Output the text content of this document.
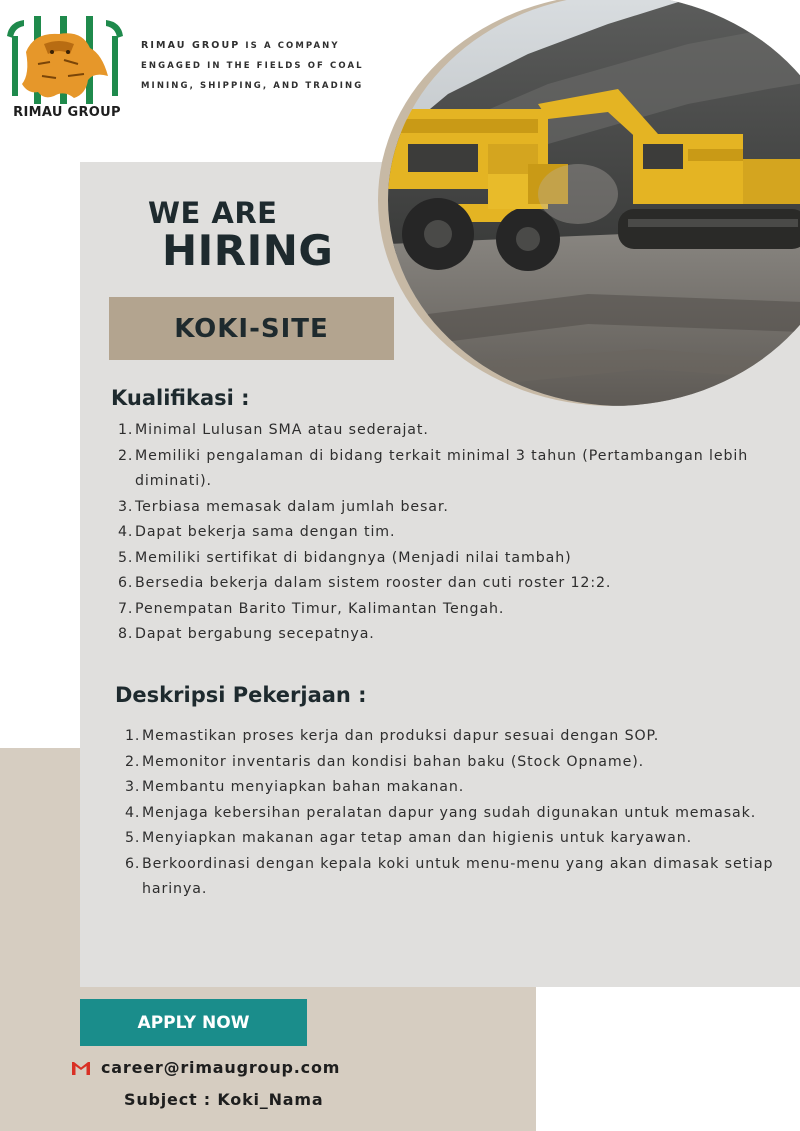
RIMAU GROUP
RIMAU GROUP IS A COMPANY ENGAGED IN THE FIELDS OF COAL MINING, SHIPPING, AND TRADING
WE ARE
HIRING
KOKI-SITE
Kualifikasi :
1. Minimal Lulusan SMA atau sederajat.
2. Memiliki pengalaman di bidang terkait minimal 3 tahun (Pertambangan lebih diminati).
3. Terbiasa memasak dalam jumlah besar.
4. Dapat bekerja sama dengan tim.
5. Memiliki sertifikat di bidangnya (Menjadi nilai tambah)
6. Bersedia bekerja dalam sistem rooster dan cuti roster 12:2.
7. Penempatan Barito Timur, Kalimantan Tengah.
8. Dapat bergabung secepatnya.
Deskripsi Pekerjaan :
1. Memastikan proses kerja dan produksi dapur sesuai dengan SOP.
2. Memonitor inventaris dan kondisi bahan baku (Stock Opname).
3. Membantu menyiapkan bahan makanan.
4. Menjaga kebersihan peralatan dapur yang sudah digunakan untuk memasak.
5. Menyiapkan makanan agar tetap aman dan higienis untuk karyawan.
6. Berkoordinasi dengan kepala koki untuk menu-menu yang akan dimasak setiap harinya.
APPLY NOW
career@rimaugroup.com
Subject : Koki_Nama
